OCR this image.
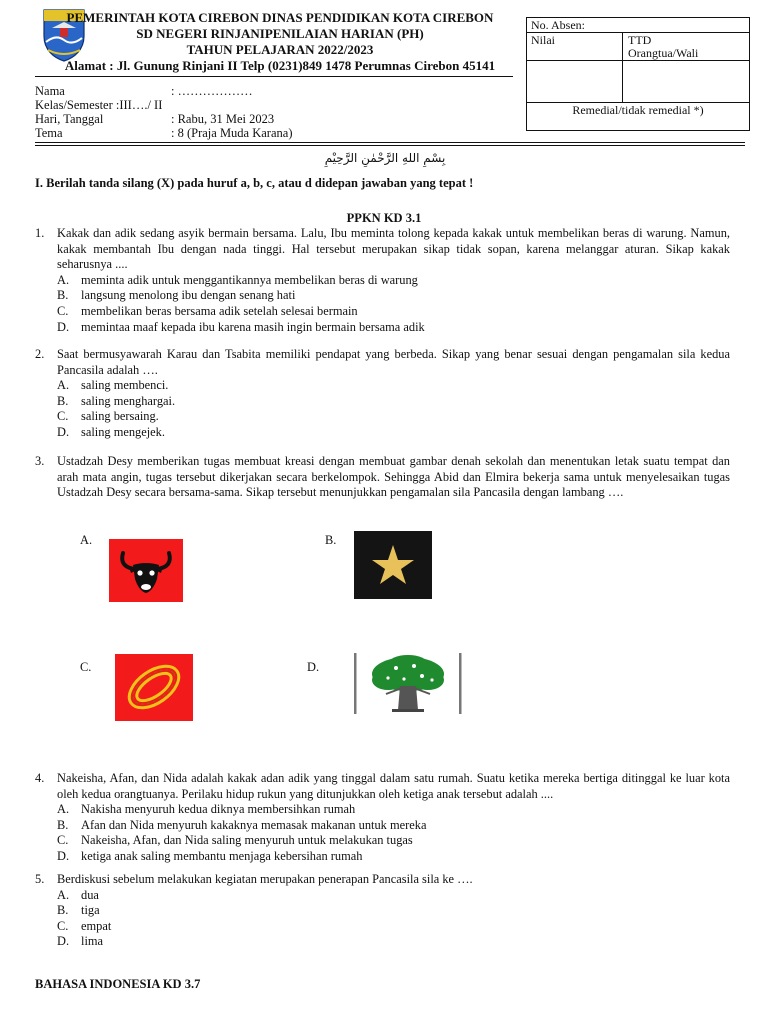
PEMERINTAH KOTA CIREBON DINAS PENDIDIKAN KOTA CIREBON
SD NEGERI RINJANIPENILAIAN HARIAN (PH)
TAHUN PELAJARAN 2022/2023
Alamat : Jl. Gunung Rinjani II Telp (0231)849 1478 Perumnas Cirebon 45141
Nama	: ………………
Kelas/Semester :III…./ II
Hari, Tanggal	: Rabu, 31 Mei 2023
Tema	: 8 (Praja Muda Karana)
No. Absen:
Nilai	TTD
Orangtua/Wali
Remedial/tidak remedial *)
بِسْمِ اللهِ الرَّحْمٰنِ الرَّحِيْمِ
I. Berilah tanda silang (X) pada huruf a, b, c, atau d didepan jawaban yang tepat !
PPKN KD 3.1
1. Kakak dan adik sedang asyik bermain bersama. Lalu, Ibu meminta tolong kepada kakak untuk membelikan beras di warung. Namun, kakak membantah Ibu dengan nada tinggi. Hal tersebut merupakan sikap tidak sopan, karena melanggar aturan. Sikap kakak seharusnya ....
A. meminta adik untuk menggantikannya membelikan beras di warung
B. langsung menolong ibu dengan senang hati
C. membelikan beras bersama adik setelah selesai bermain
D. memintaa maaf kepada ibu karena masih ingin bermain bersama adik
2. Saat bermusyawarah Karau dan Tsabita memiliki pendapat yang berbeda. Sikap yang benar sesuai dengan pengamalan sila kedua Pancasila adalah ….
A. saling membenci.
B. saling menghargai.
C. saling bersaing.
D. saling mengejek.
3. Ustadzah Desy memberikan tugas membuat kreasi dengan membuat gambar denah sekolah dan menentukan letak suatu tempat dan arah mata angin, tugas tersebut dikerjakan secara berkelompok. Sehingga Abid dan Elmira bekerja sama untuk menyelesaikan tugas Ustadzah Desy secara bersama-sama. Sikap tersebut menunjukkan pengamalan sila Pancasila dengan lambang ….
A.	B.
C.	D.
4. Nakeisha, Afan, dan Nida adalah kakak adan adik yang tinggal dalam satu rumah. Suatu ketika mereka bertiga ditinggal ke luar kota oleh kedua orangtuanya. Perilaku hidup rukun yang ditunjukkan oleh ketiga anak tersebut adalah ....
A. Nakisha menyuruh kedua diknya membersihkan rumah
B. Afan dan Nida menyuruh kakaknya memasak makanan untuk mereka
C. Nakeisha, Afan, dan Nida saling menyuruh untuk melakukan tugas
D. ketiga anak saling membantu menjaga kebersihan rumah
5. Berdiskusi sebelum melakukan kegiatan merupakan penerapan Pancasila sila ke ….
A. dua
B. tiga
C. empat
D. lima
BAHASA INDONESIA KD 3.7
